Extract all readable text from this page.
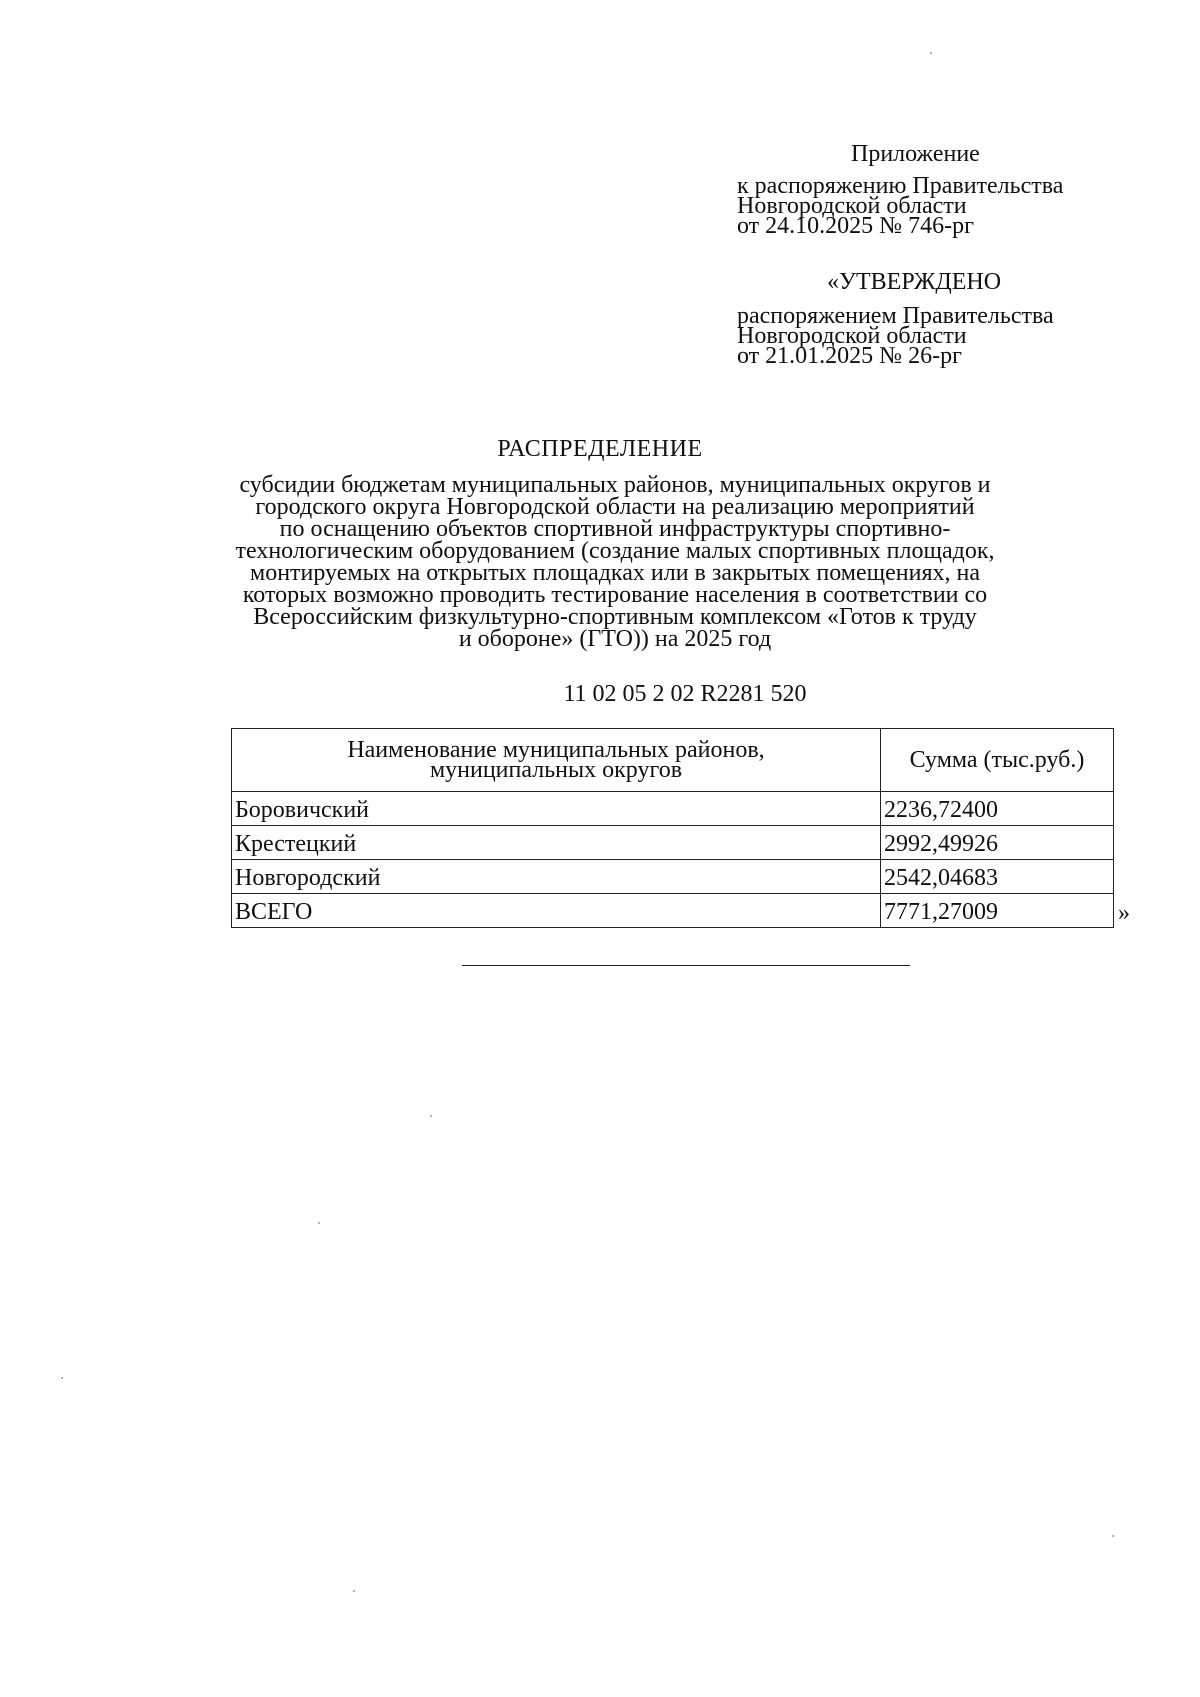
Приложение
к распоряжению Правительства
Новгородской области
от 24.10.2025 № 746-рг
«УТВЕРЖДЕНО
распоряжением Правительства
Новгородской области
от 21.01.2025 № 26-рг
РАСПРЕДЕЛЕНИЕ
субсидии бюджетам муниципальных районов, муниципальных округов и
городского округа Новгородской области на реализацию мероприятий
по оснащению объектов спортивной инфраструктуры спортивно-
технологическим оборудованием (создание малых спортивных площадок,
монтируемых на открытых площадках или в закрытых помещениях, на
которых возможно проводить тестирование населения в соответствии со
Всероссийским физкультурно-спортивным комплексом «Готов к труду
и обороне» (ГТО)) на 2025 год
11 02 05 2 02 R2281 520
Наименование муниципальных районов,
муниципальных округов	Сумма (тыс.руб.)
Боровичский	2236,72400
Крестецкий	2992,49926
Новгородский	2542,04683
ВСЕГО	7771,27009	»
